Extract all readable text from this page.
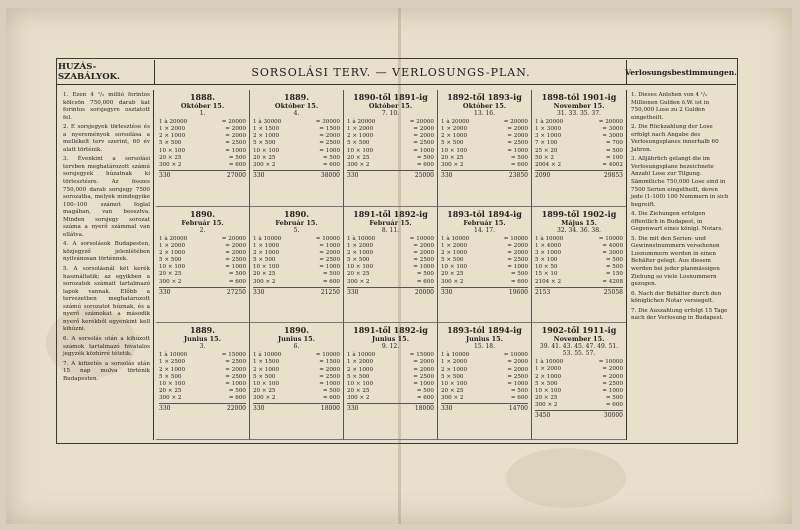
HUZÁS-SZABÁLYOK.	SORSOLÁSI TERV. — VERLOSUNGS-PLAN.	Verlosungsbestimmungen.

1. Ezen 4 ¹/₂ millió forintos kölcsön 750,000 darab kat forintos sorsjegyre osztatott fel.

2. E sorsjegyek törlesztése és a nyereményok sorsolása a mellékelt terv szerint, 60 év alatt történik.

3. Évenkint a sorsolási tervben meghatározott számú sorsjegyek húzatnak ki törlesztésre. Az összes 750,000 darab sorsjegy 7500 sorozatba, melyek mindegyike 100–100 számot foglal magában, van beosztva. Minden sorsjegy sorozat száma a nyerő számmal van ellátva.

4. A sorsolások Budapesten, közjegyző jelenlétében nyilvánosan történnek.

5. A sorsolásnál két kerék használtatik; az egyikben a sorozatok számait tartalmazó lapok vannak. Előbb a tervezetben meghatározott számú sorozatot húznak, és a nyerő számokat a második nyerő kerékből egyenkint kell kihúzni.

6. A sorsolás után a kihúzott számok tartalmazó hivatalos jegyzék közhírré tétetik.

7. A kifizetés a sorsolás után 15 nap mulva történik Budapesten.

1888.
Október 15.
1.
1 à 20000	= 20000
1 × 2000	= 2000
2 × 1000	= 2000
5 × 500	= 2500
10 × 100	= 1000
20 × 25	= 500
300 × 2	= 600
330	27000
1889.
Október 15.
4.
1 à 30000	= 30000
1 × 1500	= 1500
2 × 1000	= 2000
5 × 500	= 2500
10 × 100	= 1000
20 × 25	= 500
300 × 2	= 600
330	38000
1890-től 1891-ig
Október 15.
7. 10.
1 à 20000	= 20000
1 × 2000	= 2000
2 × 1000	= 2000
5 × 500	= 2500
10 × 100	= 1000
20 × 25	= 500
300 × 2	= 600
330	25000
1892-től 1893-ig
Október 15.
13. 16.
1 à 20000	= 20000
1 × 2000	= 2000
2 × 1000	= 2000
5 × 500	= 2500
10 × 100	= 1000
20 × 25	= 500
300 × 2	= 600
330	23850
1898-tól 1901-ig
November 15.
31. 33. 35. 37.
1 à 20000	= 20000
1 × 3000	= 3000
3 × 1000	= 3000
7 × 100	= 700
25 × 20	= 500
50 × 2	= 100
2004 × 2	= 4002
2090	29853
1890.
Február 15.
2.
1 à 20000	= 20000
1 × 2000	= 2000
2 × 1000	= 2000
5 × 500	= 2500
10 × 100	= 1000
20 × 25	= 500
300 × 2	= 600
330	27250
1890.
Február 15.
5.
1 à 10000	= 10000
1 × 1000	= 1000
2 × 1000	= 2000
5 × 500	= 2500
10 × 100	= 1000
20 × 25	= 500
300 × 2	= 600
330	21250
1891-től 1892-ig
Február 15.
8. 11.
1 à 10000	= 10000
1 × 2000	= 2000
2 × 1000	= 2000
5 × 500	= 2500
10 × 100	= 1000
20 × 25	= 500
300 × 2	= 600
330	20000
1893-tól 1894-ig
Február 15.
14. 17.
1 à 10000	= 10000
1 × 2000	= 2000
2 × 1000	= 2000
5 × 500	= 2500
10 × 100	= 1000
20 × 25	= 500
300 × 2	= 600
330	19600
1899-től 1902-ig
Május 15.
32. 34. 36. 38.
1 à 10000	= 10000
1 × 4000	= 4000
3 × 1000	= 3000
5 × 100	= 500
10 × 50	= 500
15 × 10	= 150
2104 × 2	= 4208
2153	25058
1889.
Junius 15.
3.
1 à 10000	= 15000
1 × 2500	= 2500
2 × 1000	= 2000
5 × 500	= 2500
10 × 100	= 1000
20 × 25	= 500
300 × 2	= 600
330	22000
1890.
Junius 15.
6.
1 à 10000	= 10000
1 × 1500	= 1500
2 × 1000	= 2000
5 × 500	= 2500
10 × 100	= 1000
20 × 25	= 500
300 × 2	= 600
330	18000
1891-től 1892-ig
Junius 15.
9. 12.
1 à 10000	= 15000
1 × 2000	= 2000
2 × 1000	= 2000
5 × 500	= 2500
10 × 100	= 1000
20 × 25	= 500
300 × 2	= 600
330	18000
1893-tól 1894-ig
Junius 15.
15. 18.
1 à 10000	= 10000
1 × 2000	= 2000
2 × 1000	= 2000
5 × 500	= 2500
10 × 100	= 1000
20 × 25	= 500
300 × 2	= 600
330	14700
1902-től 1911-ig
November 15.
39. 41. 43. 45. 47. 49. 51. 53. 55. 57.
1 à 10000	= 10000
1 × 2000	= 2000
2 × 1000	= 2000
5 × 500	= 2500
10 × 100	= 1000
20 × 25	= 500
300 × 2	= 600
3450	30000

1. Dieses Anlehen von 4 ¹/₂ Millionen Gulden ö.W. ist in 750,000 Lose zu 2 Gulden eingetheilt.

2. Die Rückzahlung der Lose erfolgt nach Angabe des Verlosungsplanes innerhalb 60 Jahren.

3. Alljährlich gelangt die im Verlosungsplane bezeichnete Anzahl Lose zur Tilgung. Sämmtliche 750,000 Lose sind in 7500 Serien eingetheilt, deren jede (1-100) 100 Nummern in sich begreift.

4. Die Ziehungen erfolgen öffentlich in Budapest, in Gegenwart eines königl. Notars.

5. Die mit den Serien- und Gewinnstnummern versehenen Losnummern werden in einen Behälter gelegt. Aus diesem werden bei jeder planmässigen Ziehung so viele Losnummern gezogen.

6. Nach der Behälter durch den königlichen Notar versiegelt.

7. Die Auszahlung erfolgt 15 Tage nach der Verlosung in Budapest.
